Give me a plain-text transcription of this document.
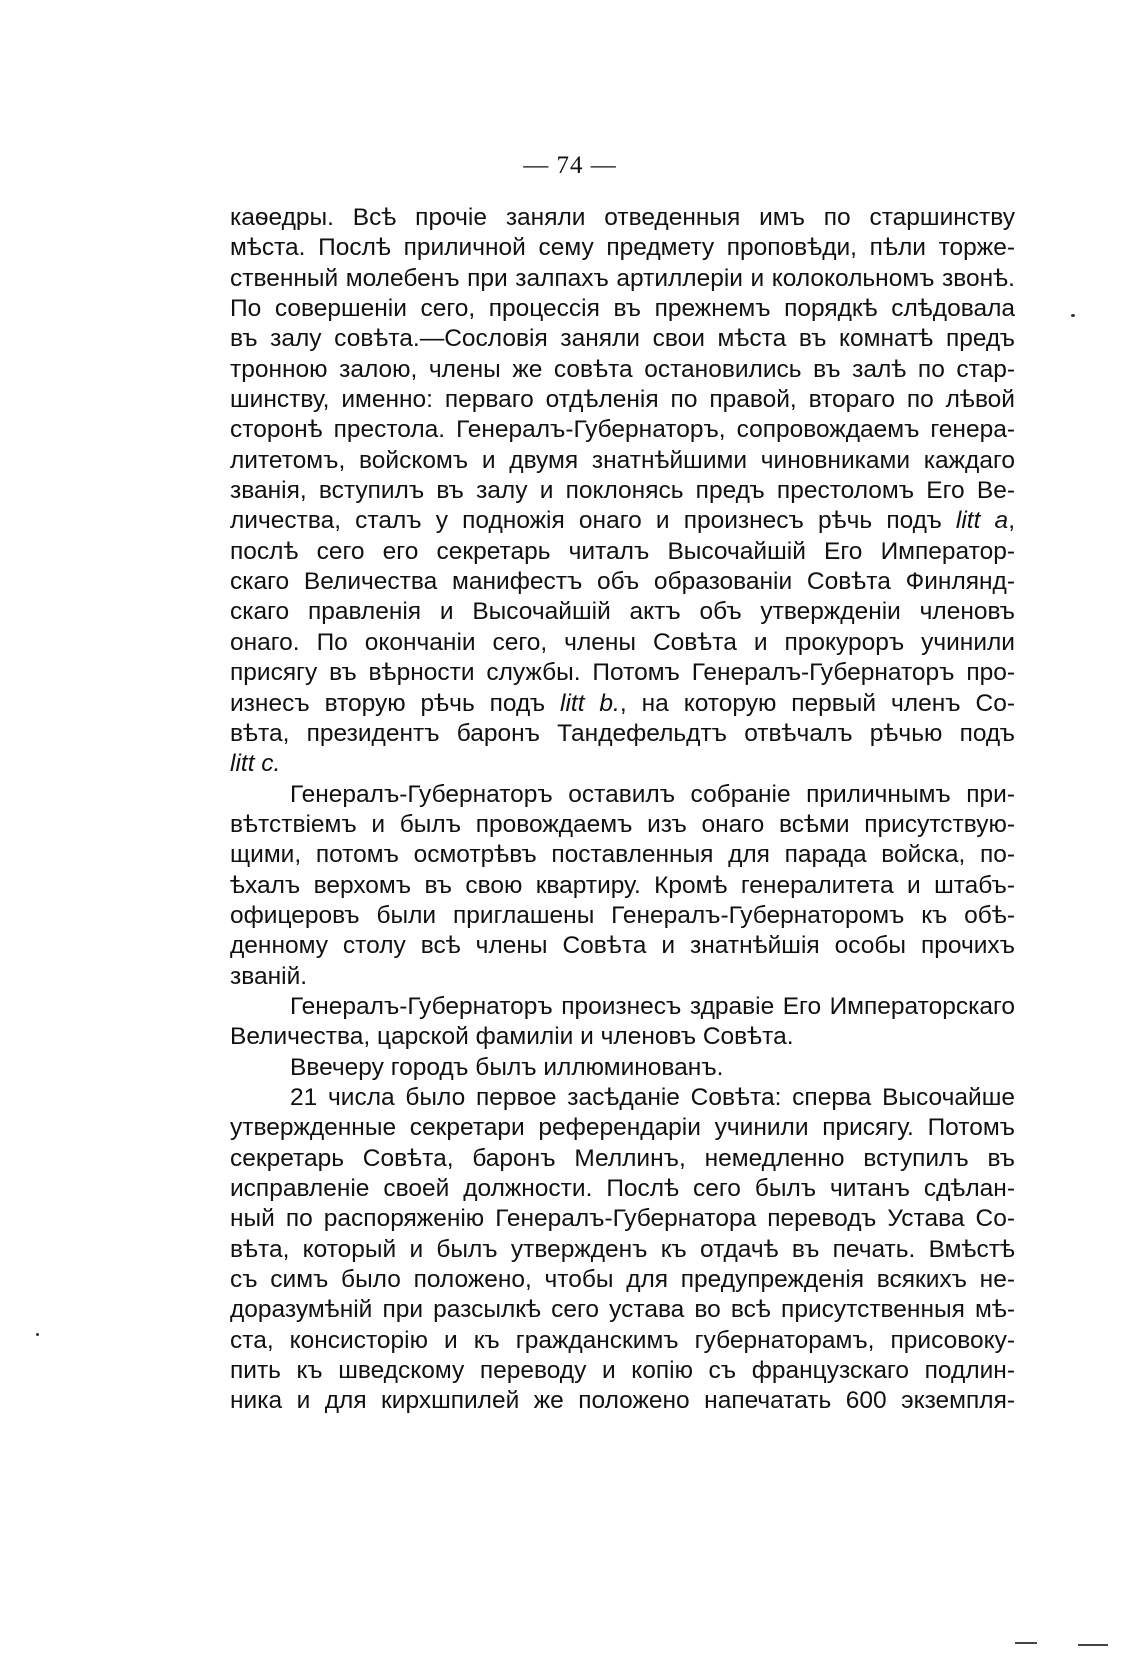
— 74 —
каѳедры. Всѣ прочіе заняли отведенныя имъ по старшинству
мѣста. Послѣ приличной сему предмету проповѣди, пѣли торже-
ственный молебенъ при залпахъ артиллеріи и колокольномъ звонѣ.
По совершеніи сего, процессія въ прежнемъ порядкѣ слѣдовала
въ залу совѣта.—Сословія заняли свои мѣста въ комнатѣ предъ
тронною залою, члены же совѣта остановились въ залѣ по стар-
шинству, именно: перваго отдѣленія по правой, втораго по лѣвой
сторонѣ престола. Генералъ-Губернаторъ, сопровождаемъ генера-
литетомъ, войскомъ и двумя знатнѣйшими чиновниками каждаго
званія, вступилъ въ залу и поклонясь предъ престоломъ Его Ве-
личества, сталъ у подножія онаго и произнесъ рѣчь подъ litt a,
послѣ сего его секретарь читалъ Высочайшій Его Император-
скаго Величества манифестъ объ образованіи Совѣта Финлянд-
скаго правленія и Высочайшій актъ объ утвержденіи членовъ
онаго. По окончаніи сего, члены Совѣта и прокуроръ учинили
присягу въ вѣрности службы. Потомъ Генералъ-Губернаторъ про-
изнесъ вторую рѣчь подъ litt b., на которую первый членъ Со-
вѣта, президентъ баронъ Тандефельдтъ отвѣчалъ рѣчью подъ
litt c.
Генералъ-Губернаторъ оставилъ собраніе приличнымъ при-
вѣтствіемъ и былъ провождаемъ изъ онаго всѣми присутствую-
щими, потомъ осмотрѣвъ поставленныя для парада войска, по-
ѣхалъ верхомъ въ свою квартиру. Кромѣ генералитета и штабъ-
офицеровъ были приглашены Генералъ-Губернаторомъ къ обѣ-
денному столу всѣ члены Совѣта и знатнѣйшія особы прочихъ
званій.
Генералъ-Губернаторъ произнесъ здравіе Его Императорскаго
Величества, царской фамиліи и членовъ Совѣта.
Ввечеру городъ былъ иллюминованъ.
21 числа было первое засѣданіе Совѣта: сперва Высочайше
утвержденные секретари референдаріи учинили присягу. Потомъ
секретарь Совѣта, баронъ Меллинъ, немедленно вступилъ въ
исправленіе своей должности. Послѣ сего былъ читанъ сдѣлан-
ный по распоряженію Генералъ-Губернатора переводъ Устава Со-
вѣта, который и былъ утвержденъ къ отдачѣ въ печать. Вмѣстѣ
съ симъ было положено, чтобы для предупрежденія всякихъ не-
доразумѣній при разсылкѣ сего устава во всѣ присутственныя мѣ-
ста, консисторію и къ гражданскимъ губернаторамъ, присовоку-
пить къ шведскому переводу и копію съ французскаго подлин-
ника и для кирхшпилей же положено напечатать 600 экземпля-
